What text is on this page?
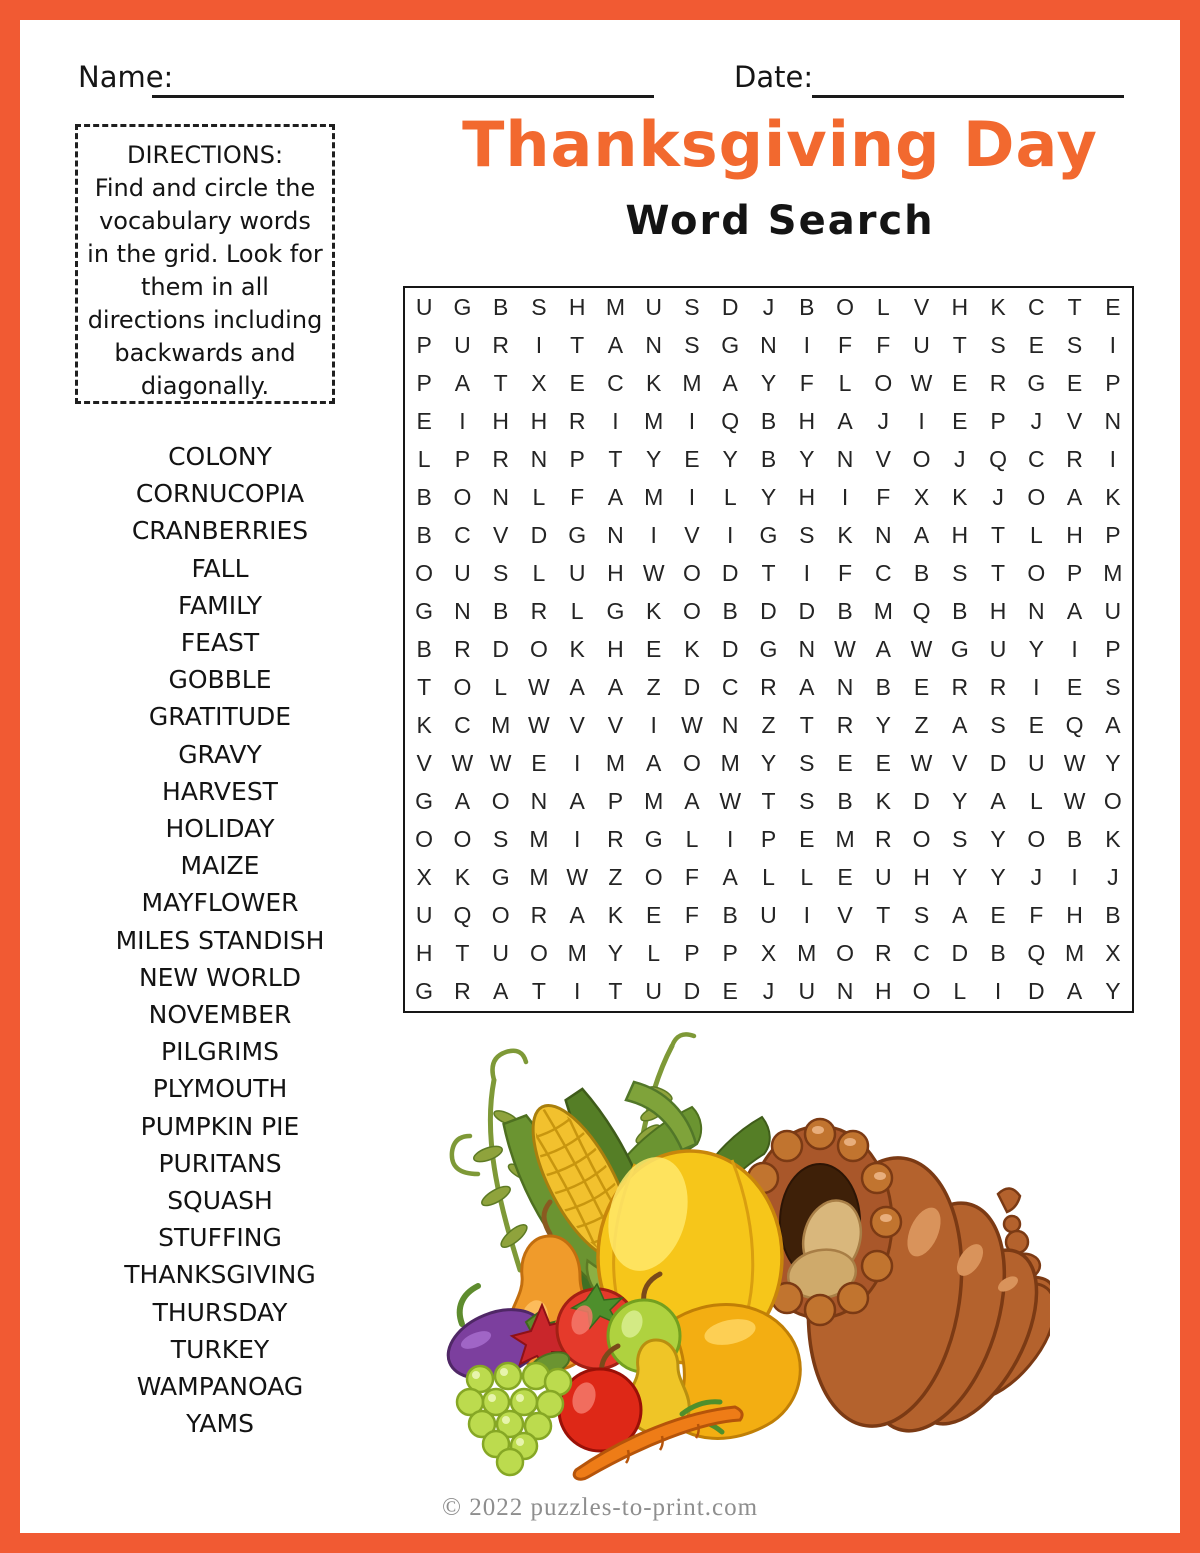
Name:	Date:
Thanksgiving Day
Word Search
DIRECTIONS:
Find and circle the vocabulary words in the grid. Look for them in all directions including backwards and diagonally.
COLONY
CORNUCOPIA
CRANBERRIES
FALL
FAMILY
FEAST
GOBBLE
GRATITUDE
GRAVY
HARVEST
HOLIDAY
MAIZE
MAYFLOWER
MILES STANDISH
NEW WORLD
NOVEMBER
PILGRIMS
PLYMOUTH
PUMPKIN PIE
PURITANS
SQUASH
STUFFING
THANKSGIVING
THURSDAY
TURKEY
WAMPANOAG
YAMS
U G B S H M U S D	J	B O L	V H K C T	E
P U R	I	T	A N S G N	I	F	F U T	S E S	I
P A	T	X E C K M A Y	F	L O W E R G E P
E	I	H H R	I	M	I	Q B H A	J	I	E P	J	V N
L	P R N P	T	Y E Y B Y N V O	J	Q C R	I
B O N	L	F	A M	I	L	Y H	I	F	X K	J	O A K
B C V D G N	I	V	I	G S K N A H T	L	H P
O U S	L	U H W O D T	I	F C B S	T O P M
G N B R	L G K O B D D B M Q B H N A U
B R D O K H E K D G N W A W G U Y	I	P
T O L W A A	Z D C R A N B E R R	I	E S
K C M W V V	I	W N Z	T R Y	Z	A S E Q A
V W W E	I	M A O M Y S E E W V D U W Y
G A O N A P M A W T	S B K D Y A	L W O
O O S M	I	R G L	I	P E M R O S Y O B K
X K G M W Z O F	A	L	L	E U H Y Y	J	I	J
U Q O R A K E	F	B U	I	V	T	S A E	F H B
H T U O M Y	L	P P X M O R C D B Q M X
G R A	T	I	T U D E	J	U N H O L	I	D A Y
© 2022 puzzles-to-print.com
